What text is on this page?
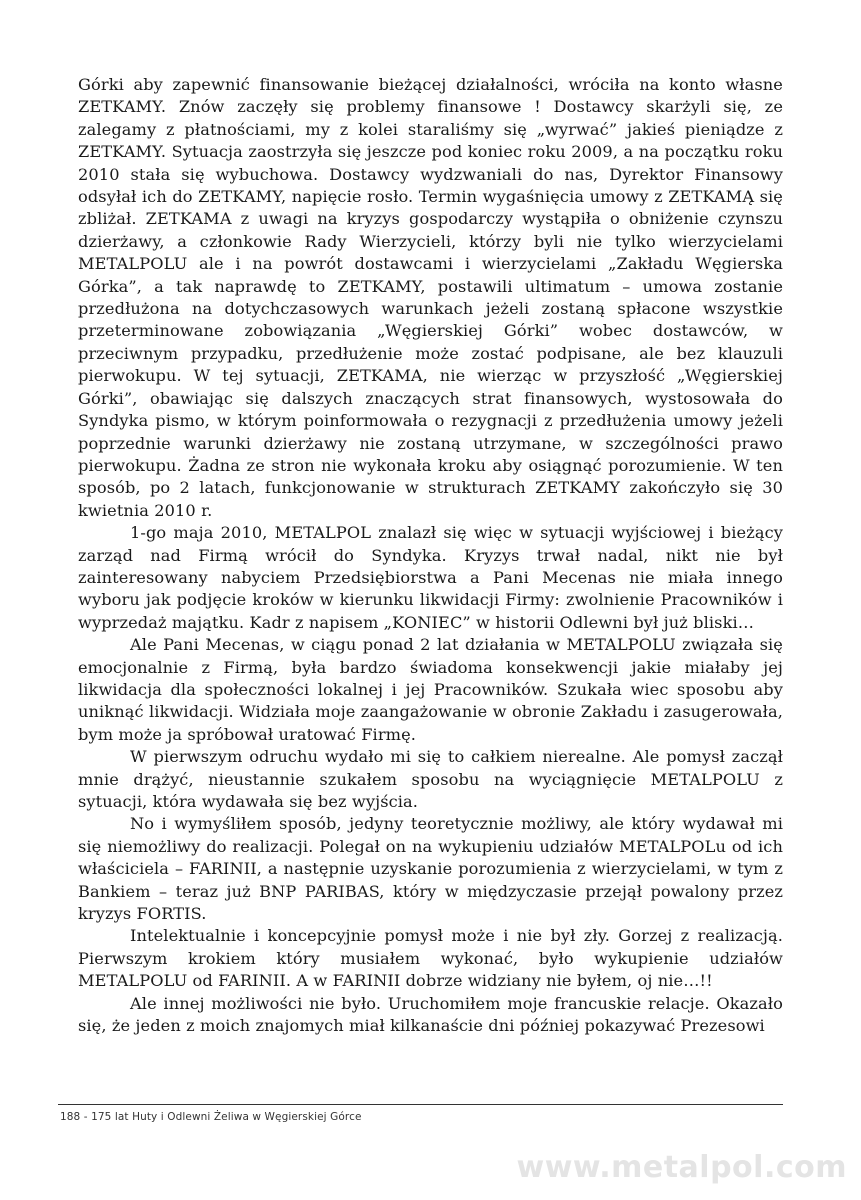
Górki aby zapewnić finansowanie bieżącej działalności, wróciła na konto własne ZETKAMY. Znów zaczęły się problemy finansowe ! Dostawcy skarżyli się, ze zalegamy z płatnościami, my z kolei staraliśmy się „wyrwać” jakieś pieniądze z ZETKAMY. Sytuacja zaostrzyła się jeszcze pod koniec roku 2009, a na początku roku 2010 stała się wybuchowa. Dostawcy wydzwaniali do nas, Dyrektor Finansowy odsyłał ich do ZETKAMY, napięcie rosło. Termin wygaśnięcia umowy z ZETKAMĄ się zbliżał. ZETKAMA z uwagi na kryzys gospodarczy wystąpiła o obniżenie czynszu dzierżawy, a członkowie Rady Wierzycieli, którzy byli nie tylko wierzycielami METALPOLU ale i na powrót dostawcami i wierzycielami „Zakładu Węgierska Górka”, a tak naprawdę to ZETKAMY, postawili ultimatum – umowa zostanie przedłużona na dotychczasowych warunkach jeżeli zostaną spłacone wszystkie przeterminowane zobowiązania „Węgierskiej Górki” wobec dostawców, w przeciwnym przypadku, przedłużenie może zostać podpisane, ale bez klauzuli pierwokupu. W tej sytuacji, ZETKAMA, nie wierząc w przyszłość „Węgierskiej Górki”, obawiając się dalszych znaczących strat finansowych, wystosowała do Syndyka pismo, w którym poinformowała o rezygnacji z przedłużenia umowy jeżeli poprzednie warunki dzierżawy nie zostaną utrzymane, w szczególności prawo pierwokupu. Żadna ze stron nie wykonała kroku aby osiągnąć porozumienie. W ten sposób, po 2 latach, funkcjonowanie w strukturach ZETKAMY zakończyło się 30 kwietnia 2010 r.

1-go maja 2010, METALPOL znalazł się więc w sytuacji wyjściowej i bieżący zarząd nad Firmą wrócił do Syndyka. Kryzys trwał nadal, nikt nie był zainteresowany nabyciem Przedsiębiorstwa a Pani Mecenas nie miała innego wyboru jak podjęcie kroków w kierunku likwidacji Firmy: zwolnienie Pracowników i wyprzedaż majątku. Kadr z napisem „KONIEC” w historii Odlewni był już bliski…

Ale Pani Mecenas, w ciągu ponad 2 lat działania w METALPOLU związała się emocjonalnie z Firmą, była bardzo świadoma konsekwencji jakie miałaby jej likwidacja dla społeczności lokalnej i jej Pracowników. Szukała wiec sposobu aby uniknąć likwidacji. Widziała moje zaangażowanie w obronie Zakładu i zasugerowała, bym może ja spróbował uratować Firmę.

W pierwszym odruchu wydało mi się to całkiem nierealne. Ale pomysł zaczął mnie drążyć, nieustannie szukałem sposobu na wyciągnięcie METALPOLU z sytuacji, która wydawała się bez wyjścia.

No i wymyśliłem sposób, jedyny teoretycznie możliwy, ale który wydawał mi się niemożliwy do realizacji. Polegał on na wykupieniu udziałów METALPOLu od ich właściciela – FARINII, a następnie uzyskanie porozumienia z wierzycielami, w tym z Bankiem – teraz już BNP PARIBAS, który w międzyczasie przejął powalony przez kryzys FORTIS.

Intelektualnie i koncepcyjnie pomysł może i nie był zły. Gorzej z realizacją. Pierwszym krokiem który musiałem wykonać, było wykupienie udziałów METALPOLU od FARINII. A w FARINII dobrze widziany nie byłem, oj nie…!!

Ale innej możliwości nie było. Uruchomiłem moje francuskie relacje. Okazało się, że jeden z moich znajomych miał kilkanaście dni później pokazywać Prezesowi

188 - 175 lat Huty i Odlewni Żeliwa w Węgierskiej Górce
www.metalpol.com
